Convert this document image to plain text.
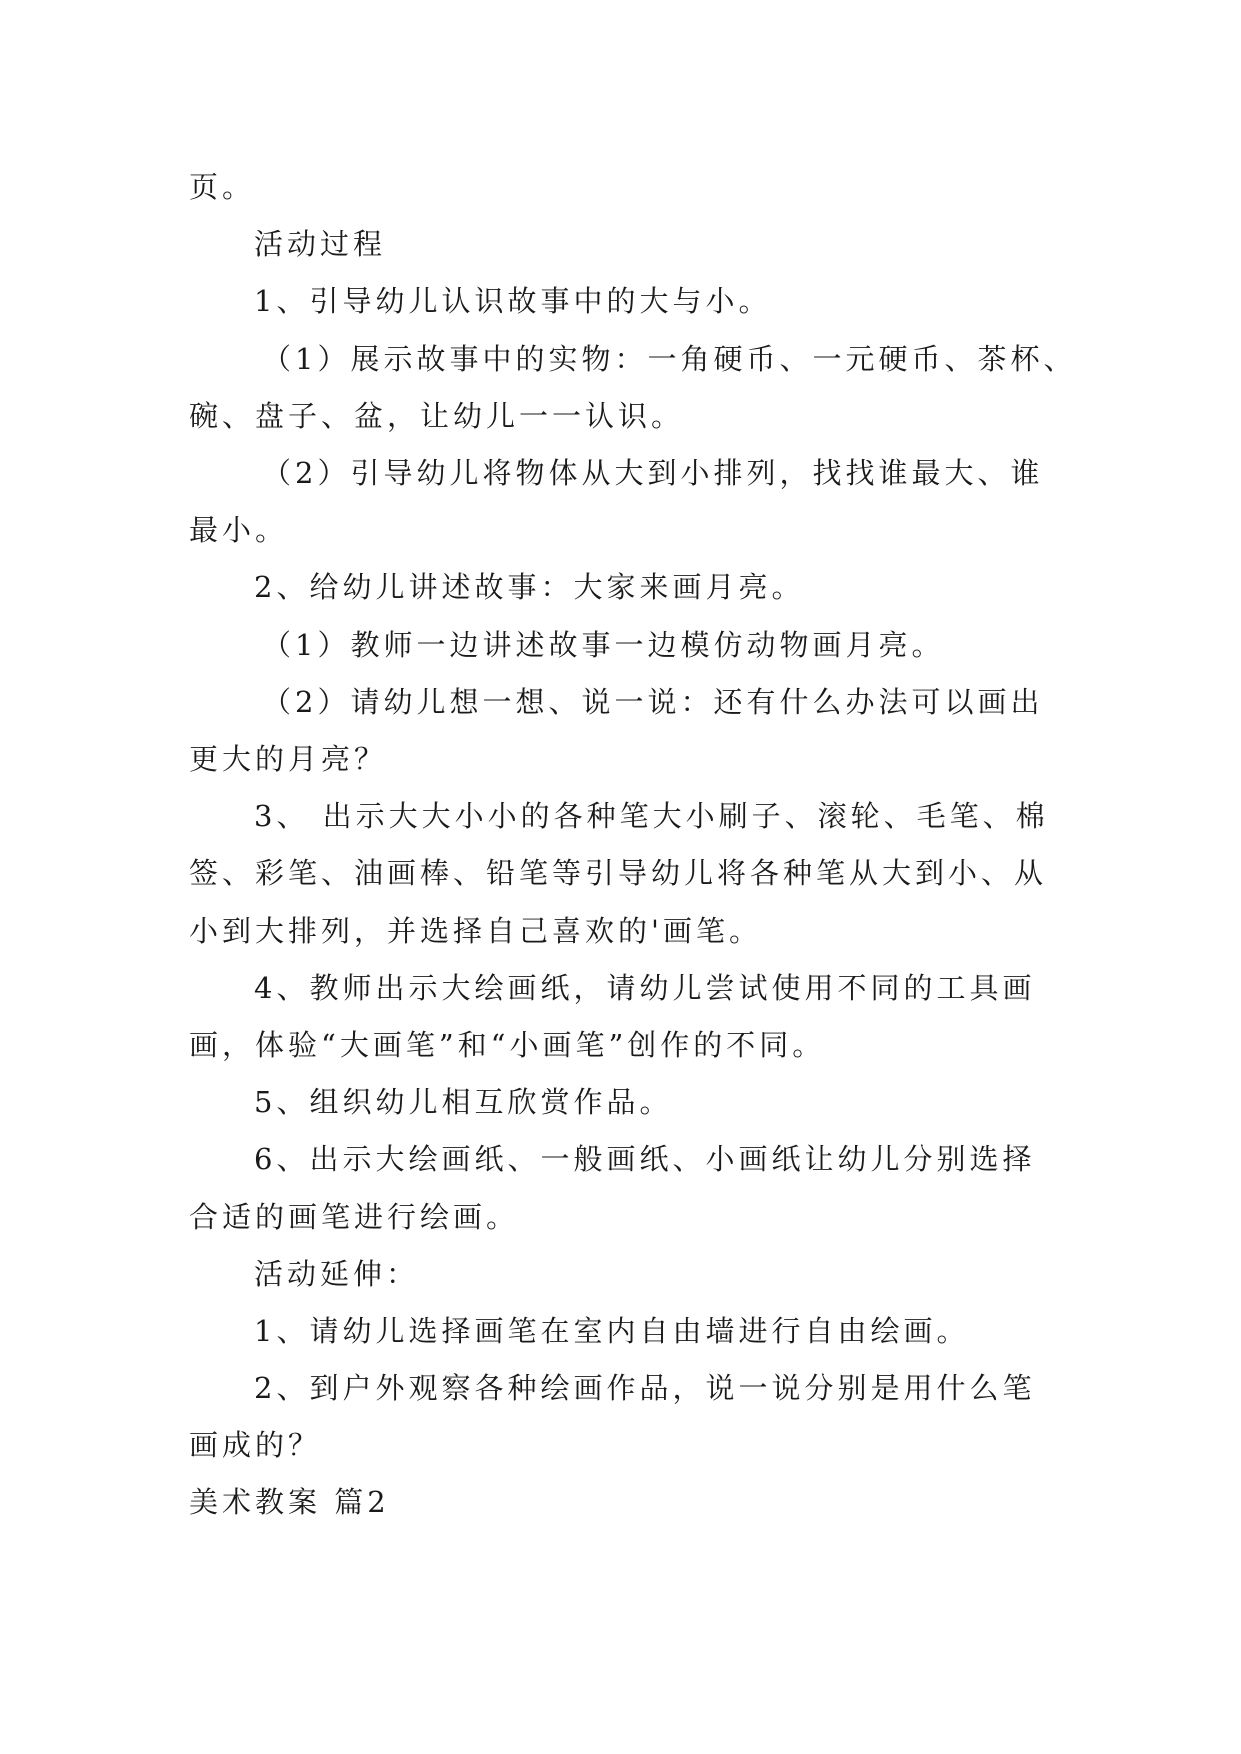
页。
活动过程
1、引导幼儿认识故事中的大与小。
（1）展示故事中的实物：一角硬币、一元硬币、茶杯、
碗、盘子、盆，让幼儿一一认识。
（2）引导幼儿将物体从大到小排列，找找谁最大、谁
最小。
2、给幼儿讲述故事：大家来画月亮。
（1）教师一边讲述故事一边模仿动物画月亮。
（2）请幼儿想一想、说一说：还有什么办法可以画出
更大的月亮？
3、 出示大大小小的各种笔大小刷子、滚轮、毛笔、棉
签、彩笔、油画棒、铅笔等引导幼儿将各种笔从大到小、从
小到大排列，并选择自己喜欢的'画笔。
4、教师出示大绘画纸，请幼儿尝试使用不同的工具画
画，体验“大画笔”和“小画笔”创作的不同。
5、组织幼儿相互欣赏作品。
6、出示大绘画纸、一般画纸、小画纸让幼儿分别选择
合适的画笔进行绘画。
活动延伸：
1、请幼儿选择画笔在室内自由墙进行自由绘画。
2、到户外观察各种绘画作品，说一说分别是用什么笔
画成的？
美术教案 篇2
